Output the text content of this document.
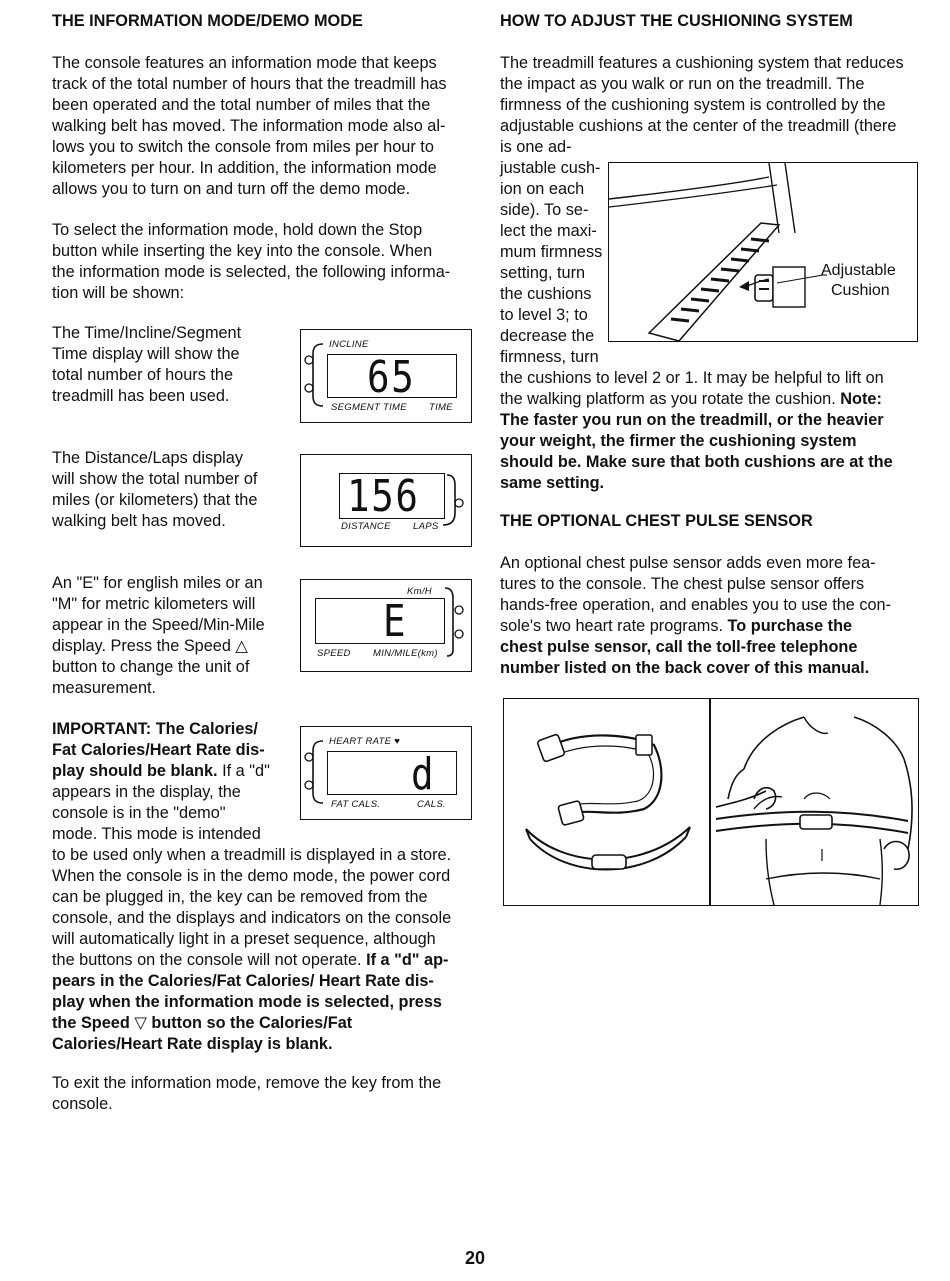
THE INFORMATION MODE/DEMO MODE

The console features an information mode that keeps

track of the total number of hours that the treadmill has

been operated and the total number of miles that the

walking belt has moved. The information mode also al-

lows you to switch the console from miles per hour to

kilometers per hour. In addition, the information mode

allows you to turn on and turn off the demo mode.

To select the information mode, hold down the Stop

button while inserting the key into the console. When

the information mode is selected, the following informa-

tion will be shown:

The Time/Incline/Segment

Time display will show the

total number of hours the

treadmill has been used.

The Distance/Laps display

will show the total number of

miles (or kilometers) that the

walking belt has moved.

An "E" for english miles or an

"M" for metric kilometers will

appear in the Speed/Min-Mile

display. Press the Speed △

button to change the unit of

measurement.

IMPORTANT: The Calories/

Fat Calories/Heart Rate dis-

play should be blank. If a "d"

appears in the display, the

console is in the "demo"

mode. This mode is intended

to be used only when a treadmill is displayed in a store.

When the console is in the demo mode, the power cord

can be plugged in, the key can be removed from the

console, and the displays and indicators on the console

will automatically light in a preset sequence, although

the buttons on the console will not operate. If a "d" ap-

pears in the Calories/Fat Calories/ Heart Rate dis-

play when the information mode is selected, press

the Speed ▽ button so the Calories/Fat

Calories/Heart Rate display is blank.

To exit the information mode, remove the key from the

console.

INCLINE
65
SEGMENT TIME TIME
156
DISTANCE LAPS
Km/H
E
SPEED MIN/MILE(km)
HEART RATE ♥
d
FAT CALS.	CALS.
HOW TO ADJUST THE CUSHIONING SYSTEM

The treadmill features a cushioning system that reduces

the impact as you walk or run on the treadmill. The

firmness of the cushioning system is controlled by the

adjustable cushions at the center of the treadmill (there

is one ad-

justable cush-

ion on each

side). To se-

lect the maxi-

mum firmness

setting, turn

the cushions

to level 3; to

decrease the

firmness, turn

the cushions to level 2 or 1. It may be helpful to lift on

the walking platform as you rotate the cushion. Note:

The faster you run on the treadmill, or the heavier

your weight, the firmer the cushioning system

should be. Make sure that both cushions are at the

same setting.

THE OPTIONAL CHEST PULSE SENSOR

An optional chest pulse sensor adds even more fea-

tures to the console. The chest pulse sensor offers

hands-free operation, and enables you to use the con-

sole's two heart rate programs. To purchase the

chest pulse sensor, call the toll-free telephone

number listed on the back cover of this manual.

Adjustable
Cushion
20
